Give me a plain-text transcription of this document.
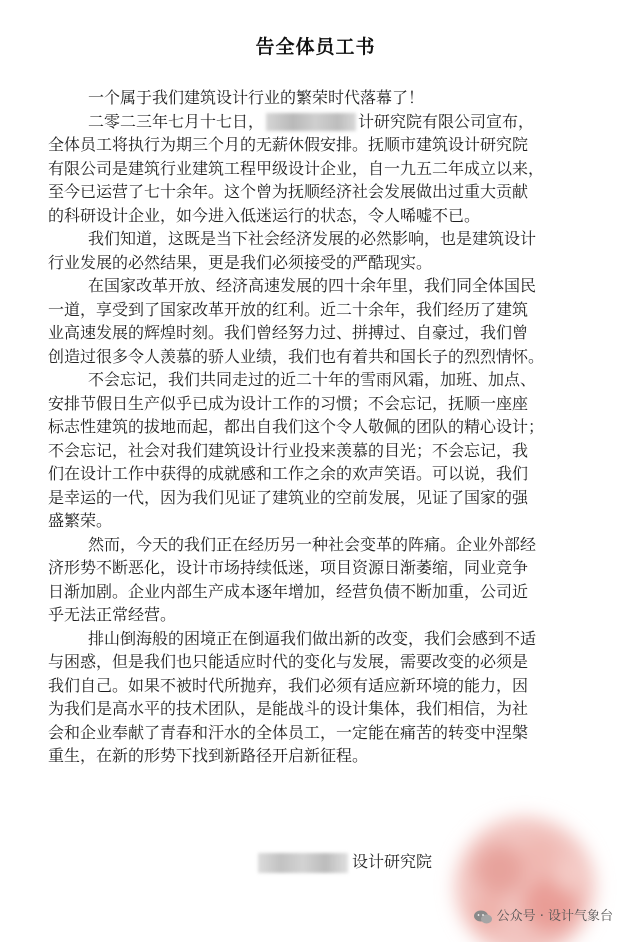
告全体员工书
一个属于我们建筑设计行业的繁荣时代落幕了！
二零二三年七月十七日，	计研究院有限公司宣布，
全体员工将执行为期三个月的无薪休假安排。抚顺市建筑设计研究院
有限公司是建筑行业建筑工程甲级设计企业，自一九五二年成立以来，
至今已运营了七十余年。这个曾为抚顺经济社会发展做出过重大贡献
的科研设计企业，如今进入低迷运行的状态，令人唏嘘不已。
我们知道，这既是当下社会经济发展的必然影响，也是建筑设计
行业发展的必然结果，更是我们必须接受的严酷现实。
在国家改革开放、经济高速发展的四十余年里，我们同全体国民
一道，享受到了国家改革开放的红利。近二十余年，我们经历了建筑
业高速发展的辉煌时刻。我们曾经努力过、拼搏过、自豪过，我们曾
创造过很多令人羡慕的骄人业绩，我们也有着共和国长子的烈烈情怀。
不会忘记，我们共同走过的近二十年的雪雨风霜，加班、加点、
安排节假日生产似乎已成为设计工作的习惯；不会忘记，抚顺一座座
标志性建筑的拔地而起，都出自我们这个令人敬佩的团队的精心设计；
不会忘记，社会对我们建筑设计行业投来羡慕的目光；不会忘记，我
们在设计工作中获得的成就感和工作之余的欢声笑语。可以说，我们
是幸运的一代，因为我们见证了建筑业的空前发展，见证了国家的强
盛繁荣。
然而，今天的我们正在经历另一种社会变革的阵痛。企业外部经
济形势不断恶化，设计市场持续低迷，项目资源日渐萎缩，同业竞争
日渐加剧。企业内部生产成本逐年增加，经营负债不断加重，公司近
乎无法正常经营。
排山倒海般的困境正在倒逼我们做出新的改变，我们会感到不适
与困惑，但是我们也只能适应时代的变化与发展，需要改变的必须是
我们自己。如果不被时代所抛弃，我们必须有适应新环境的能力，因
为我们是高水平的技术团队，是能战斗的设计集体，我们相信，为社
会和企业奉献了青春和汗水的全体员工，一定能在痛苦的转变中涅槃
重生，在新的形势下找到新路径开启新征程。
设计研究院
公众号 · 设计气象台
